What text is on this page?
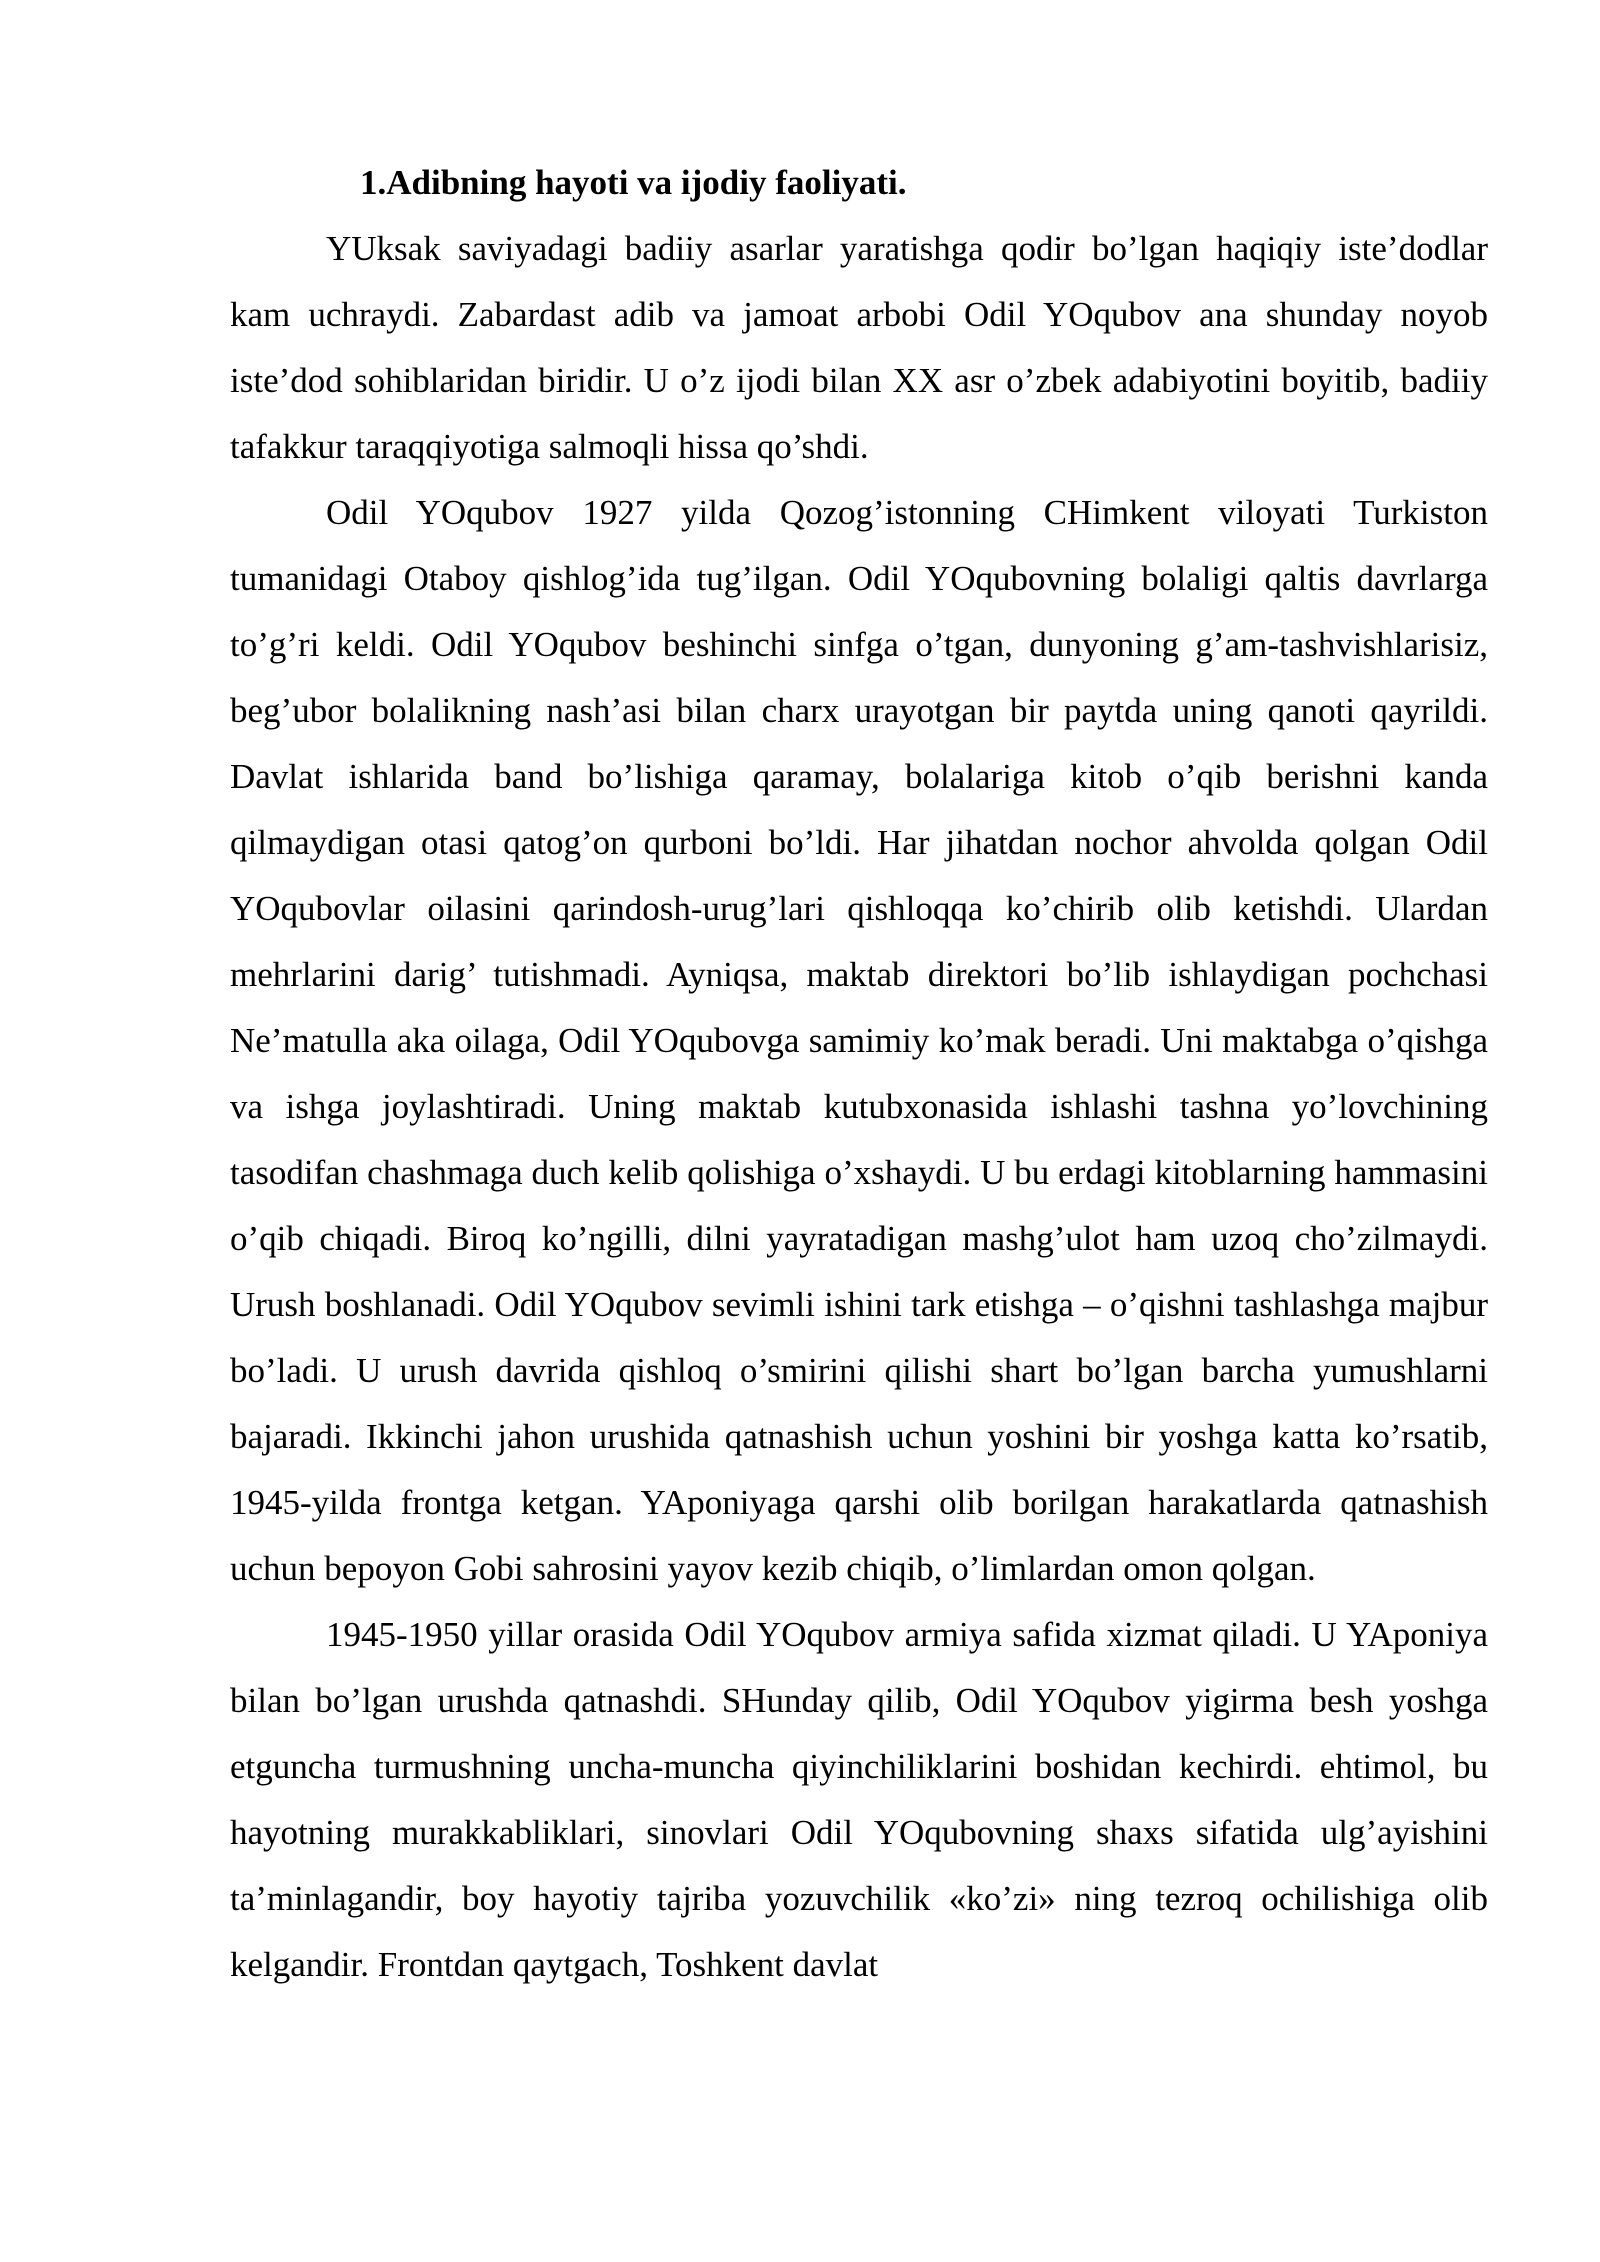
1.Adibning hayoti va ijodiy faoliyati.

YUksak saviyadagi badiiy asarlar yaratishga qodir bo’lgan haqiqiy iste’dodlar kam uchraydi. Zabardast adib va jamoat arbobi Odil YOqubov ana shunday noyob iste’dod sohiblaridan biridir. U o’z ijodi bilan XX asr o’zbek adabiyotini boyitib, badiiy tafakkur taraqqiyotiga salmoqli hissa qo’shdi.

Odil YOqubov 1927 yilda Qozog’istonning CHimkent viloyati Turkiston tumanidagi Otaboy qishlog’ida tug’ilgan. Odil YOqubovning bolaligi qaltis davrlarga to’g’ri keldi. Odil YOqubov beshinchi sinfga o’tgan, dunyoning g’am-tashvishlarisiz, beg’ubor bolalikning nash’asi bilan charx urayotgan bir paytda uning qanoti qayrildi. Davlat ishlarida band bo’lishiga qaramay, bolalariga kitob o’qib berishni kanda qilmaydigan otasi qatog’on qurboni bo’ldi. Har jihatdan nochor ahvolda qolgan Odil YOqubovlar oilasini qarindosh-urug’lari qishloqqa ko’chirib olib ketishdi. Ulardan mehrlarini darig’ tutishmadi. Ayniqsa, maktab direktori bo’lib ishlaydigan pochchasi Ne’matulla aka oilaga, Odil YOqubovga samimiy ko’mak beradi. Uni maktabga o’qishga va ishga joylashtiradi. Uning maktab kutubxonasida ishlashi tashna yo’lovchining tasodifan chashmaga duch kelib qolishiga o’xshaydi. U bu erdagi kitoblarning hammasini o’qib chiqadi. Biroq ko’ngilli, dilni yayratadigan mashg’ulot ham uzoq cho’zilmaydi. Urush boshlanadi. Odil YOqubov sevimli ishini tark etishga – o’qishni tashlashga majbur bo’ladi. U urush davrida qishloq o’smirini qilishi shart bo’lgan barcha yumushlarni bajaradi. Ikkinchi jahon urushida qatnashish uchun yoshini bir yoshga katta ko’rsatib, 1945-yilda frontga ketgan. YAponiyaga qarshi olib borilgan harakatlarda qatnashish uchun bepoyon Gobi sahrosini yayov kezib chiqib, o’limlardan omon qolgan.

1945-1950 yillar orasida Odil YOqubov armiya safida xizmat qiladi. U YAponiya bilan bo’lgan urushda qatnashdi. SHunday qilib, Odil YOqubov yigirma besh yoshga etguncha turmushning uncha-muncha qiyinchiliklarini boshidan kechirdi. ehtimol, bu hayotning murakkabliklari, sinovlari Odil YOqubovning shaxs sifatida ulg’ayishini ta’minlagandir, boy hayotiy tajriba yozuvchilik «ko’zi» ning tezroq ochilishiga olib kelgandir. Frontdan qaytgach, Toshkent davlat
